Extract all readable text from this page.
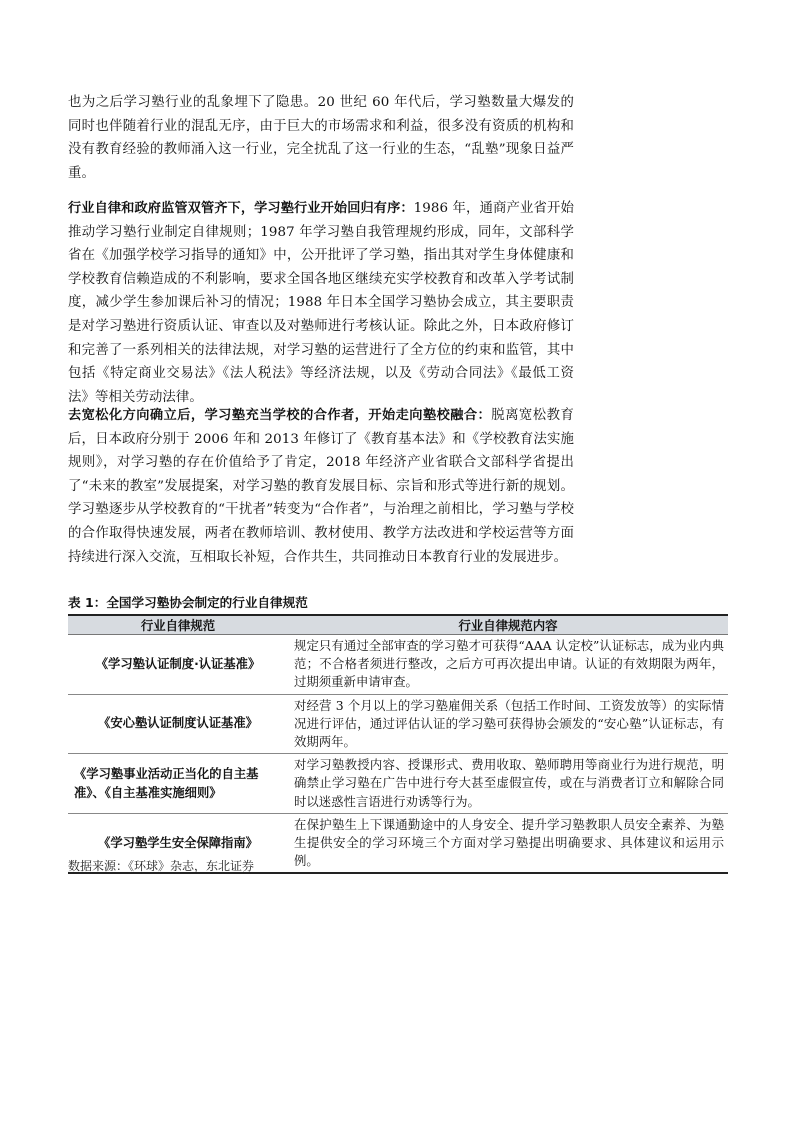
也为之后学习塾行业的乱象埋下了隐患。20 世纪 60 年代后，学习塾数量大爆发的同时也伴随着行业的混乱无序，由于巨大的市场需求和利益，很多没有资质的机构和没有教育经验的教师涌入这一行业，完全扰乱了这一行业的生态，“乱塾”现象日益严重。

行业自律和政府监管双管齐下，学习塾行业开始回归有序：1986 年，通商产业省开始推动学习塾行业制定自律规则；1987 年学习塾自我管理规约形成，同年，文部科学省在《加强学校学习指导的通知》中，公开批评了学习塾，指出其对学生身体健康和学校教育信赖造成的不利影响，要求全国各地区继续充实学校教育和改革入学考试制度，减少学生参加课后补习的情况；1988 年日本全国学习塾协会成立，其主要职责是对学习塾进行资质认证、审查以及对塾师进行考核认证。除此之外，日本政府修订和完善了一系列相关的法律法规，对学习塾的运营进行了全方位的约束和监管，其中包括《特定商业交易法》《法人税法》等经济法规，以及《劳动合同法》《最低工资法》等相关劳动法律。

去宽松化方向确立后，学习塾充当学校的合作者，开始走向塾校融合：脱离宽松教育后，日本政府分别于 2006 年和 2013 年修订了《教育基本法》和《学校教育法实施规则》，对学习塾的存在价值给予了肯定，2018 年经济产业省联合文部科学省提出了“未来的教室”发展提案，对学习塾的教育发展目标、宗旨和形式等进行新的规划。学习塾逐步从学校教育的“干扰者”转变为“合作者”，与治理之前相比，学习塾与学校的合作取得快速发展，两者在教师培训、教材使用、教学方法改进和学校运营等方面持续进行深入交流，互相取长补短，合作共生，共同推动日本教育行业的发展进步。

表 1：全国学习塾协会制定的行业自律规范
行业自律规范	行业自律规范内容
《学习塾认证制度·认证基准》	规定只有通过全部审查的学习塾才可获得“AAA 认定校”认证标志，成为业内典范；不合格者须进行整改，之后方可再次提出申请。认证的有效期限为两年，过期须重新申请审查。
《安心塾认证制度认证基准》	对经营 3 个月以上的学习塾雇佣关系（包括工作时间、工资发放等）的实际情况进行评估，通过评估认证的学习塾可获得协会颁发的“安心塾”认证标志，有效期两年。
《学习塾事业活动正当化的自主基准》、《自主基准实施细则》	对学习塾教授内容、授课形式、费用收取、塾师聘用等商业行为进行规范，明确禁止学习塾在广告中进行夸大甚至虚假宣传，或在与消费者订立和解除合同时以迷惑性言语进行劝诱等行为。
《学习塾学生安全保障指南》	在保护塾生上下课通勤途中的人身安全、提升学习塾教职人员安全素养、为塾生提供安全的学习环境三个方面对学习塾提出明确要求、具体建议和运用示例。
数据来源：《环球》杂志，东北证券
